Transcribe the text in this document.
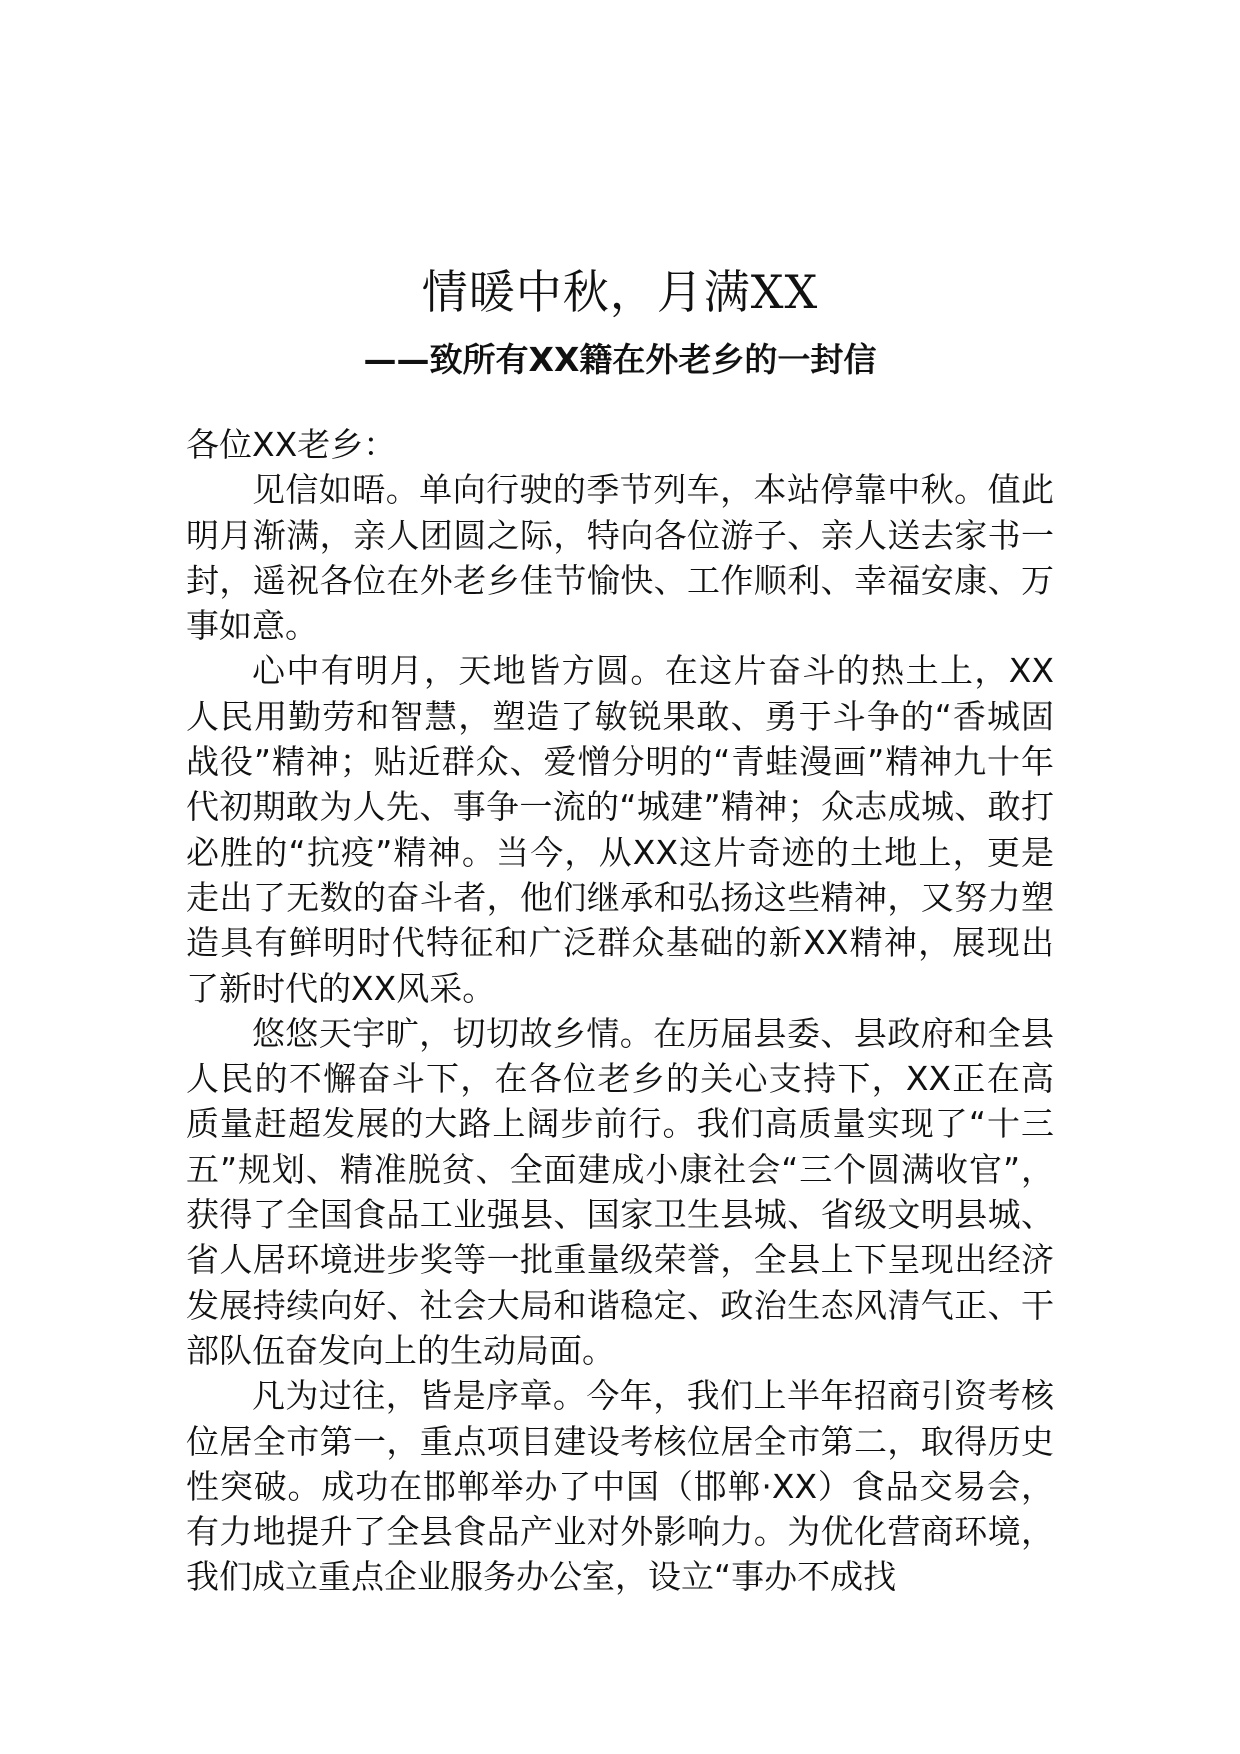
情暖中秋，月满XX
——致所有XX籍在外老乡的一封信

各位XX老乡：

见信如晤。单向行驶的季节列车，本站停靠中秋。值此明月渐满，亲人团圆之际，特向各位游子、亲人送去家书一封，遥祝各位在外老乡佳节愉快、工作顺利、幸福安康、万事如意。

心中有明月，天地皆方圆。在这片奋斗的热土上，XX人民用勤劳和智慧，塑造了敏锐果敢、勇于斗争的“香城固战役”精神；贴近群众、爱憎分明的“青蛙漫画”精神九十年代初期敢为人先、事争一流的“城建”精神；众志成城、敢打必胜的“抗疫”精神。当今，从XX这片奇迹的土地上，更是走出了无数的奋斗者，他们继承和弘扬这些精神，又努力塑造具有鲜明时代特征和广泛群众基础的新XX精神，展现出了新时代的XX风采。

悠悠天宇旷，切切故乡情。在历届县委、县政府和全县人民的不懈奋斗下，在各位老乡的关心支持下，XX正在高质量赶超发展的大路上阔步前行。我们高质量实现了“十三五”规划、精准脱贫、全面建成小康社会“三个圆满收官”，获得了全国食品工业强县、国家卫生县城、省级文明县城、省人居环境进步奖等一批重量级荣誉，全县上下呈现出经济发展持续向好、社会大局和谐稳定、政治生态风清气正、干部队伍奋发向上的生动局面。

凡为过往，皆是序章。今年，我们上半年招商引资考核位居全市第一，重点项目建设考核位居全市第二，取得历史性突破。成功在邯郸举办了中国（邯郸·XX）食品交易会，有力地提升了全县食品产业对外影响力。为优化营商环境，我们成立重点企业服务办公室，设立“事办不成找
